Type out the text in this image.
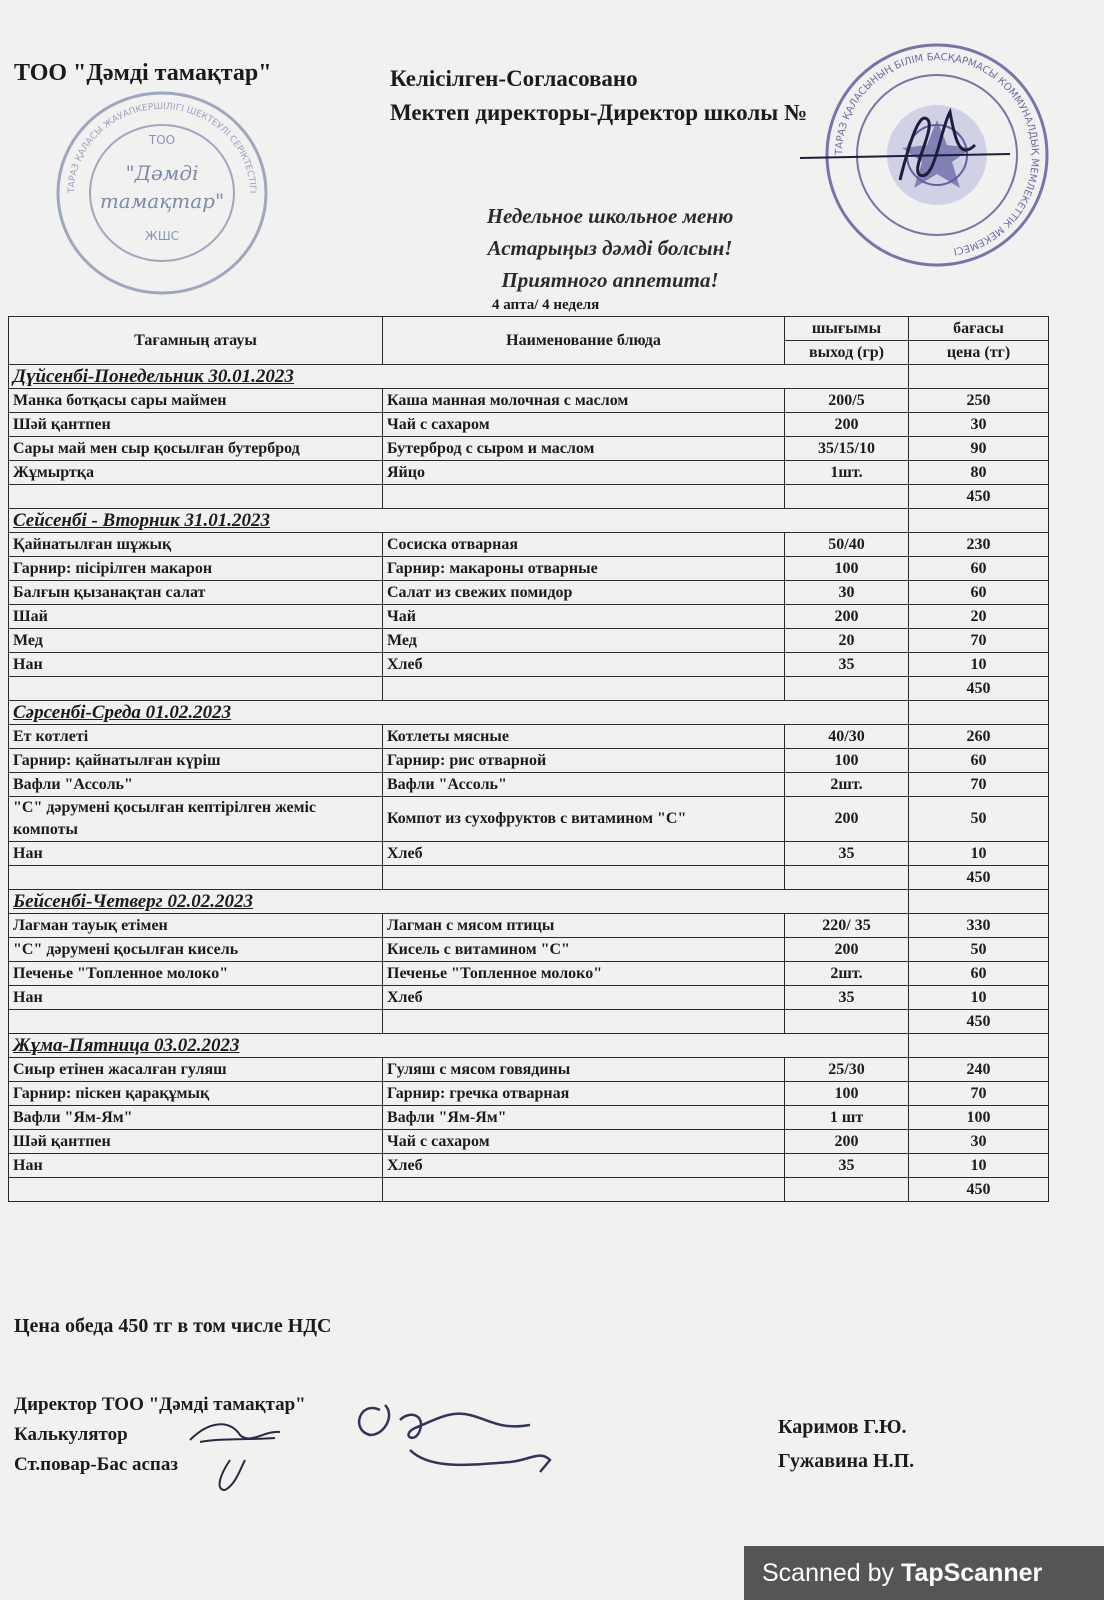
ТОО "Дәмді тамақтар"	Келісілген-Согласовано
Мектеп директоры-Директор школы №
ТАРАЗ ҚАЛАСЫ ЖАУАПКЕРШІЛІГІ ШЕКТЕУЛІ СЕРІКТЕСТІГІ
ТОО
"Дәмді
тамақтар"
ЖШС
ТАРАЗ ҚАЛАСЫНЫҢ БІЛІМ БАСҚАРМАСЫ КОММУНАЛДЫҚ МЕМЛЕКЕТТІК МЕКЕМЕСІ
Недельное школьное меню
Астарыңыз дәмді болсын!
Приятного аппетита!
4 апта/ 4 неделя
Тағамның атауы	Наименование блюда	шығымы	бағасы
		выход (гр)	цена (тг)
Дүйсенбі-Понедельник 30.01.2023			
Манка ботқасы сары маймен	Каша манная молочная с маслом	200/5	250
Шәй қантпен	Чай с сахаром	200	30
Сары май мен сыр қосылған бутерброд	Бутерброд с сыром и маслом	35/15/10	90
Жұмыртқа	Яйцо	1шт.	80
			450
Сейсенбі - Вторник 31.01.2023			
Қайнатылған шұжық	Сосиска отварная	50/40	230
Гарнир: пісірілген макарон	Гарнир: макароны отварные	100	60
Балғын қызанақтан салат	Салат из свежих помидор	30	60
Шай	Чай	200	20
Мед	Мед	20	70
Нан	Хлеб	35	10
			450
Сәрсенбі-Среда 01.02.2023			
Ет котлеті	Котлеты мясные	40/30	260
Гарнир: қайнатылған күріш	Гарнир: рис отварной	100	60
Вафли "Ассоль"	Вафли "Ассоль"	2шт.	70
"С" дәрумені қосылған кептірілген жеміс компоты	Компот из сухофруктов с витамином "С"	200	50
Нан	Хлеб	35	10
			450
Бейсенбі-Четверг 02.02.2023			
Лағман тауық етімен	Лагман с мясом птицы	220/ 35	330
"С" дәрумені қосылған кисель	Кисель с витамином "С"	200	50
Печенье "Топленное молоко"	Печенье "Топленное молоко"	2шт.	60
Нан	Хлеб	35	10
			450
Жұма-Пятница 03.02.2023			
Сиыр етінен жасалған гуляш	Гуляш с мясом говядины	25/30	240
Гарнир: піскен қарақұмық	Гарнир: гречка отварная	100	70
Вафли "Ям-Ям"	Вафли "Ям-Ям"	1 шт	100
Шәй қантпен	Чай с сахаром	200	30
Нан	Хлеб	35	10
			450
Цена обеда 450 тг в том числе НДС
Директор ТОО "Дәмді тамақтар"
Калькулятор
Ст.повар-Бас аспаз
Каримов Г.Ю.
Гужавина Н.П.
Scanned by TapScanner
